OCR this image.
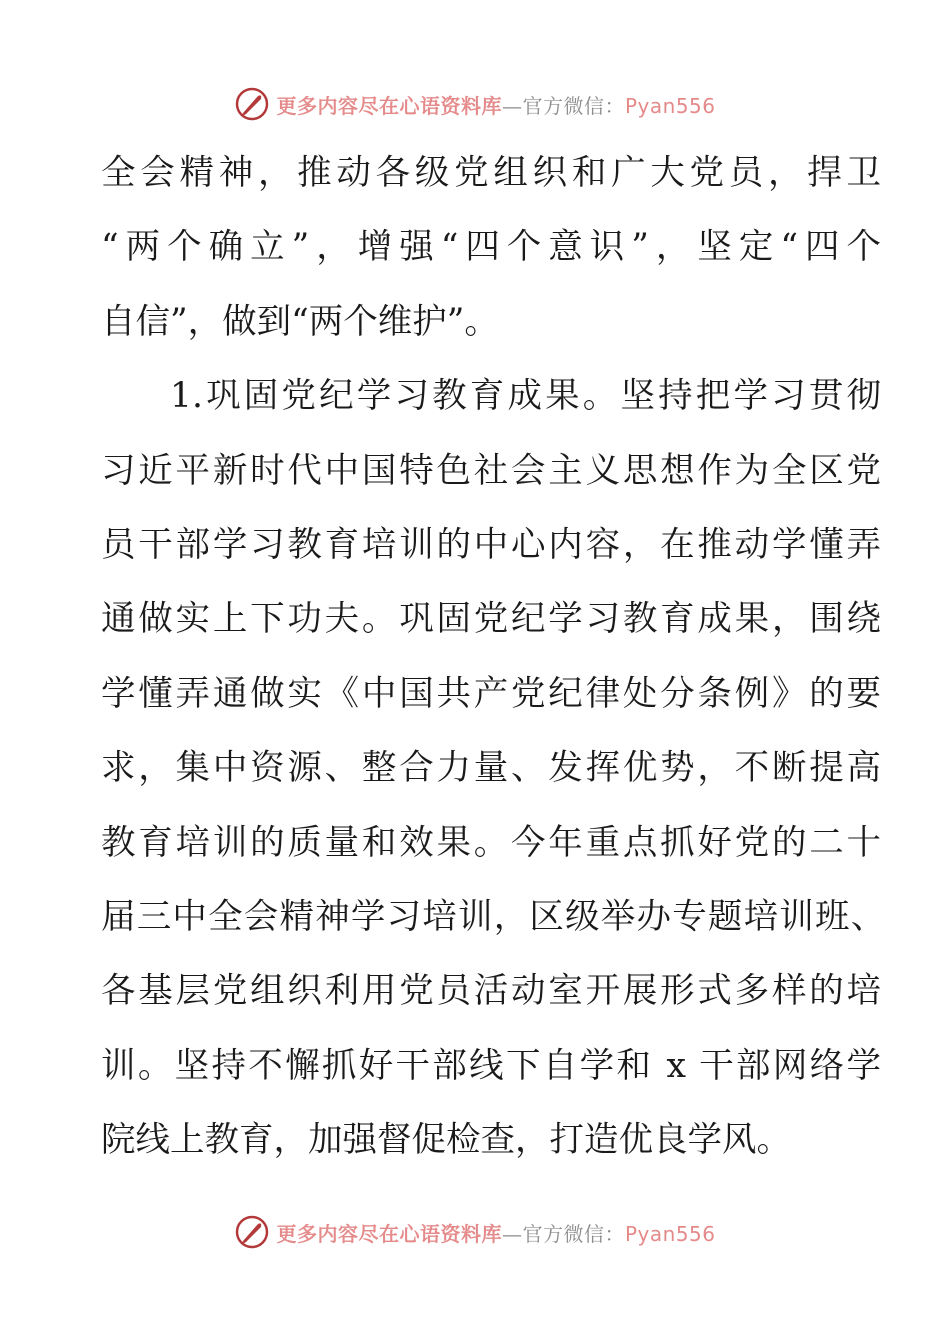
更多内容尽在心语资料库—官方微信：Pyan556
全会精神，推动各级党组织和广大党员，捍卫
“两个确立”，增强“四个意识”，坚定“四个
自信”，做到“两个维护”。
1.巩固党纪学习教育成果。坚持把学习贯彻
习近平新时代中国特色社会主义思想作为全区党
员干部学习教育培训的中心内容，在推动学懂弄
通做实上下功夫。巩固党纪学习教育成果，围绕
学懂弄通做实《中国共产党纪律处分条例》的要
求，集中资源、整合力量、发挥优势，不断提高
教育培训的质量和效果。今年重点抓好党的二十
届三中全会精神学习培训，区级举办专题培训班、
各基层党组织利用党员活动室开展形式多样的培
训。坚持不懈抓好干部线下自学和 x 干部网络学
院线上教育，加强督促检查，打造优良学风。
更多内容尽在心语资料库—官方微信：Pyan556
